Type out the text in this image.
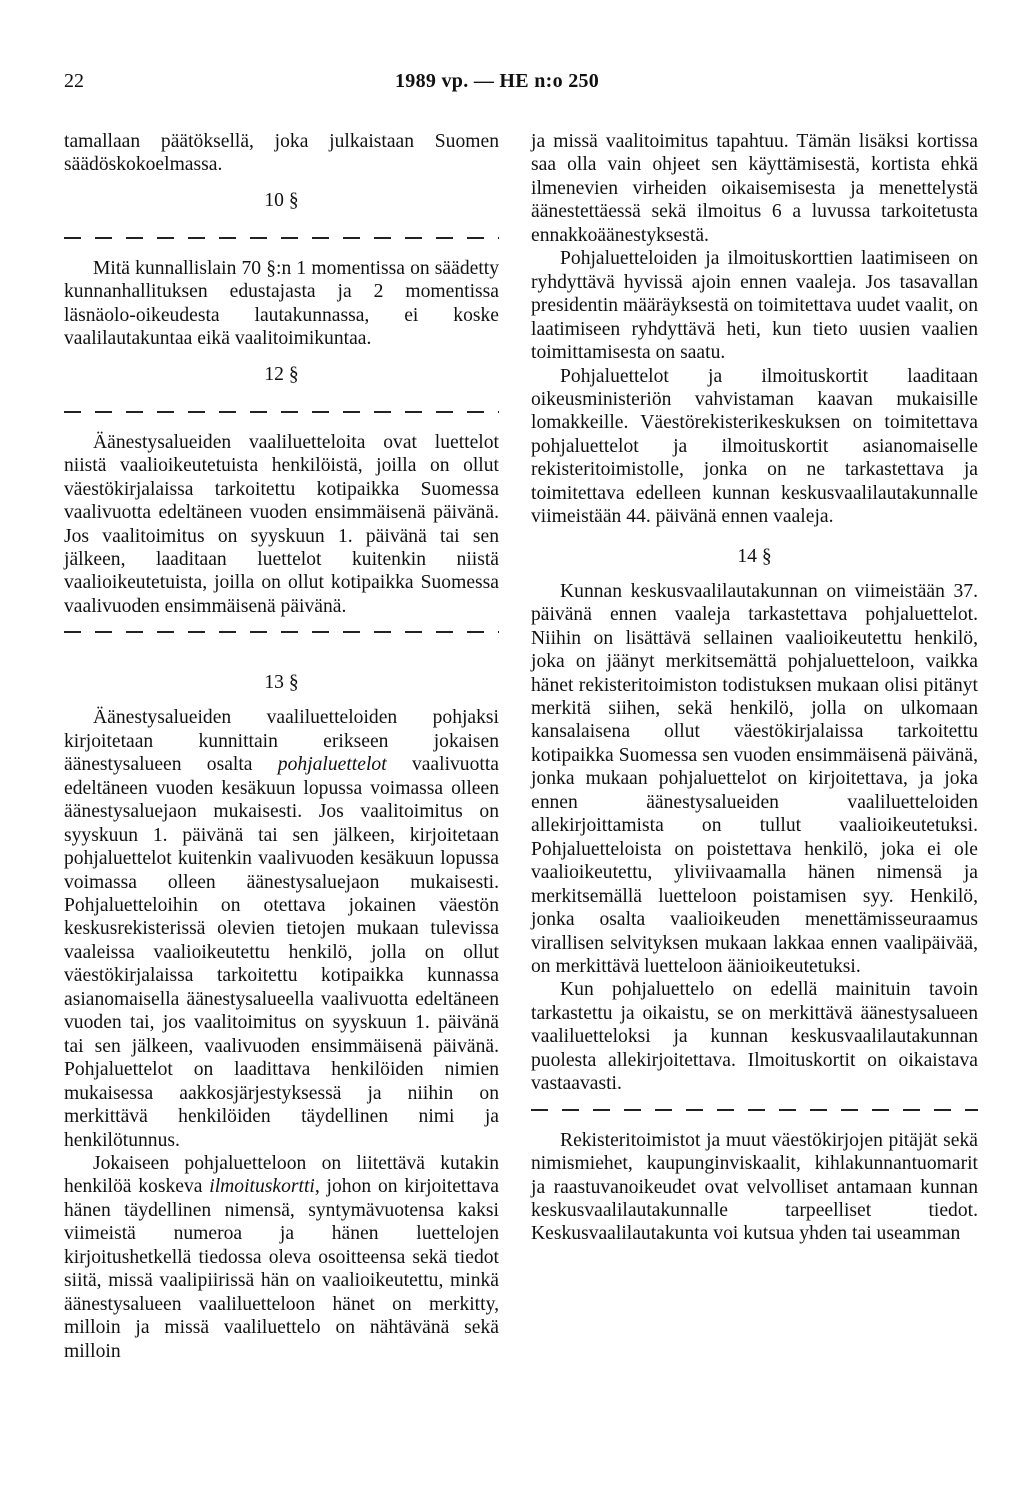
22	1989 vp. — HE n:o 250

tamallaan päätöksellä, joka julkaistaan Suomen säädöskokoelmassa.

10 §

Mitä kunnallislain 70 §:n 1 momentissa on säädetty kunnanhallituksen edustajasta ja 2 momentissa läsnäolo-oikeudesta lautakunnassa, ei koske vaalilautakuntaa eikä vaalitoimikuntaa.

12 §

Äänestysalueiden vaaliluetteloita ovat luettelot niistä vaalioikeutetuista henkilöistä, joilla on ollut väestökirjalaissa tarkoitettu kotipaikka Suomessa vaalivuotta edeltäneen vuoden ensimmäisenä päivänä. Jos vaalitoimitus on syyskuun 1. päivänä tai sen jälkeen, laaditaan luettelot kuitenkin niistä vaalioikeutetuista, joilla on ollut kotipaikka Suomessa vaalivuoden ensimmäisenä päivänä.

13 §

Äänestysalueiden vaaliluetteloiden pohjaksi kirjoitetaan kunnittain erikseen jokaisen äänestysalueen osalta pohjaluettelot vaalivuotta edeltäneen vuoden kesäkuun lopussa voimassa olleen äänestysaluejaon mukaisesti. Jos vaalitoimitus on syyskuun 1. päivänä tai sen jälkeen, kirjoitetaan pohjaluettelot kuitenkin vaalivuoden kesäkuun lopussa voimassa olleen äänestysaluejaon mukaisesti. Pohjaluetteloihin on otettava jokainen väestön keskusrekisterissä olevien tietojen mukaan tulevissa vaaleissa vaalioikeutettu henkilö, jolla on ollut väestökirjalaissa tarkoitettu kotipaikka kunnassa asianomaisella äänestysalueella vaalivuotta edeltäneen vuoden tai, jos vaalitoimitus on syyskuun 1. päivänä tai sen jälkeen, vaalivuoden ensimmäisenä päivänä. Pohjaluettelot on laadittava henkilöiden nimien mukaisessa aakkosjärjestyksessä ja niihin on merkittävä henkilöiden täydellinen nimi ja henkilötunnus.

Jokaiseen pohjaluetteloon on liitettävä kutakin henkilöä koskeva ilmoituskortti, johon on kirjoitettava hänen täydellinen nimensä, syntymävuotensa kaksi viimeistä numeroa ja hänen luettelojen kirjoitushetkellä tiedossa oleva osoitteensa sekä tiedot siitä, missä vaalipiirissä hän on vaalioikeutettu, minkä äänestysalueen vaaliluetteloon hänet on merkitty, milloin ja missä vaaliluettelo on nähtävänä sekä milloin

ja missä vaalitoimitus tapahtuu. Tämän lisäksi kortissa saa olla vain ohjeet sen käyttämisestä, kortista ehkä ilmenevien virheiden oikaisemisesta ja menettelystä äänestettäessä sekä ilmoitus 6 a luvussa tarkoitetusta ennakkoäänestyksestä.

Pohjaluetteloiden ja ilmoituskorttien laatimiseen on ryhdyttävä hyvissä ajoin ennen vaaleja. Jos tasavallan presidentin määräyksestä on toimitettava uudet vaalit, on laatimiseen ryhdyttävä heti, kun tieto uusien vaalien toimittamisesta on saatu.

Pohjaluettelot ja ilmoituskortit laaditaan oikeusministeriön vahvistaman kaavan mukaisille lomakkeille. Väestörekisterikeskuksen on toimitettava pohjaluettelot ja ilmoituskortit asianomaiselle rekisteritoimistolle, jonka on ne tarkastettava ja toimitettava edelleen kunnan keskusvaalilautakunnalle viimeistään 44. päivänä ennen vaaleja.

14 §

Kunnan keskusvaalilautakunnan on viimeistään 37. päivänä ennen vaaleja tarkastettava pohjaluettelot. Niihin on lisättävä sellainen vaalioikeutettu henkilö, joka on jäänyt merkitsemättä pohjaluetteloon, vaikka hänet rekisteritoimiston todistuksen mukaan olisi pitänyt merkitä siihen, sekä henkilö, jolla on ulkomaan kansalaisena ollut väestökirjalaissa tarkoitettu kotipaikka Suomessa sen vuoden ensimmäisenä päivänä, jonka mukaan pohjaluettelot on kirjoitettava, ja joka ennen äänestysalueiden vaaliluetteloiden allekirjoittamista on tullut vaalioikeutetuksi. Pohjaluetteloista on poistettava henkilö, joka ei ole vaalioikeutettu, yliviivaamalla hänen nimensä ja merkitsemällä luetteloon poistamisen syy. Henkilö, jonka osalta vaalioikeuden menettämisseuraamus virallisen selvityksen mukaan lakkaa ennen vaalipäivää, on merkittävä luetteloon äänioikeutetuksi.

Kun pohjaluettelo on edellä mainituin tavoin tarkastettu ja oikaistu, se on merkittävä äänestysalueen vaaliluetteloksi ja kunnan keskusvaalilautakunnan puolesta allekirjoitettava. Ilmoituskortit on oikaistava vastaavasti.

Rekisteritoimistot ja muut väestökirjojen pitäjät sekä nimismiehet, kaupunginviskaalit, kihlakunnantuomarit ja raastuvanoikeudet ovat velvolliset antamaan kunnan keskusvaalilautakunnalle tarpeelliset tiedot. Keskusvaalilautakunta voi kutsua yhden tai useamman
